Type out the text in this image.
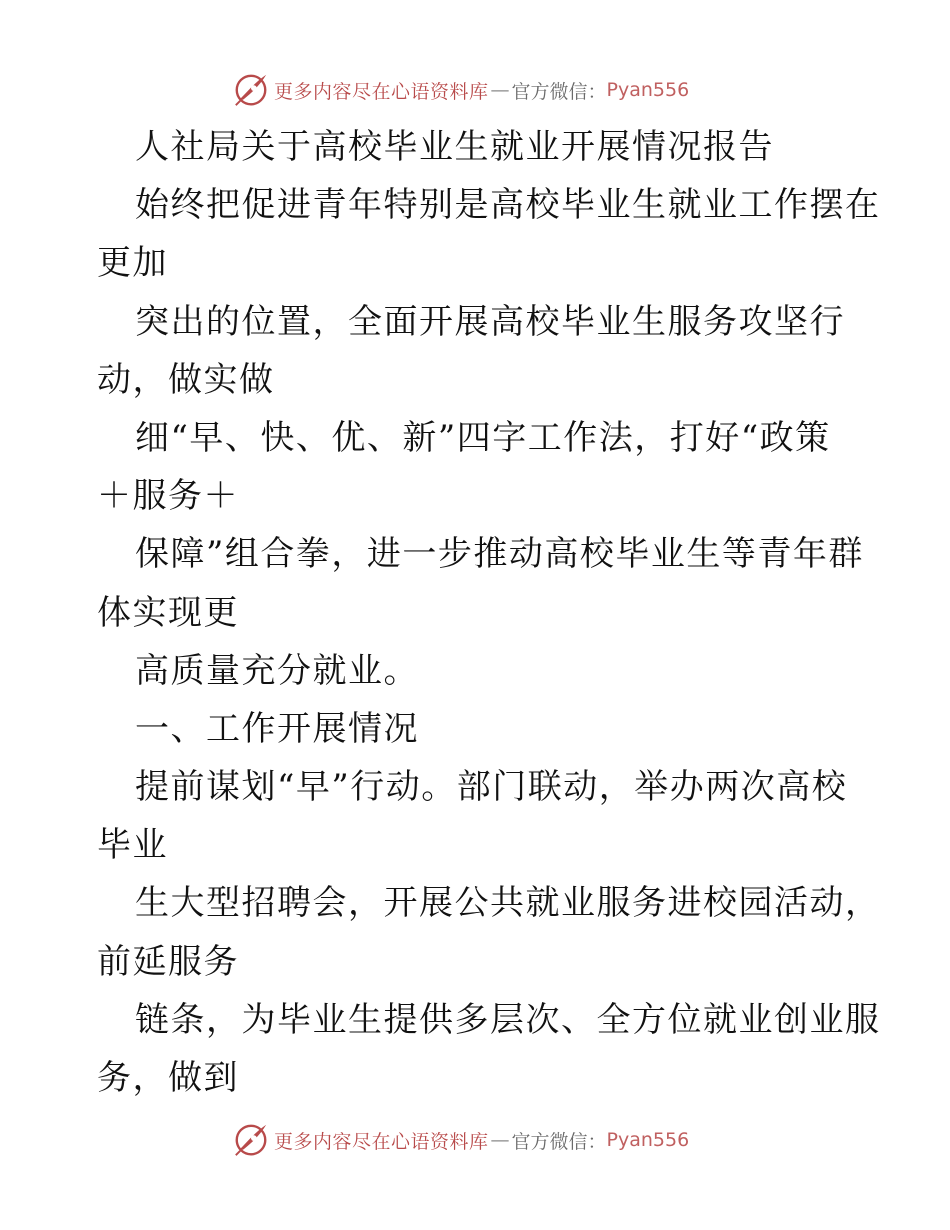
更多内容尽在心语资料库 — 官方微信： Pyan556
人社局关于高校毕业生就业开展情况报告
始终把促进青年特别是高校毕业生就业工作摆在
更加
突出的位置，全面开展高校毕业生服务攻坚行
动，做实做
细“早、快、优、新”四字工作法，打好“政策
＋服务＋
保障”组合拳，进一步推动高校毕业生等青年群
体实现更
高质量充分就业。
一、工作开展情况
提前谋划“早”行动。部门联动，举办两次高校
毕业
生大型招聘会，开展公共就业服务进校园活动，
前延服务
链条，为毕业生提供多层次、全方位就业创业服
务，做到
更多内容尽在心语资料库 — 官方微信： Pyan556
